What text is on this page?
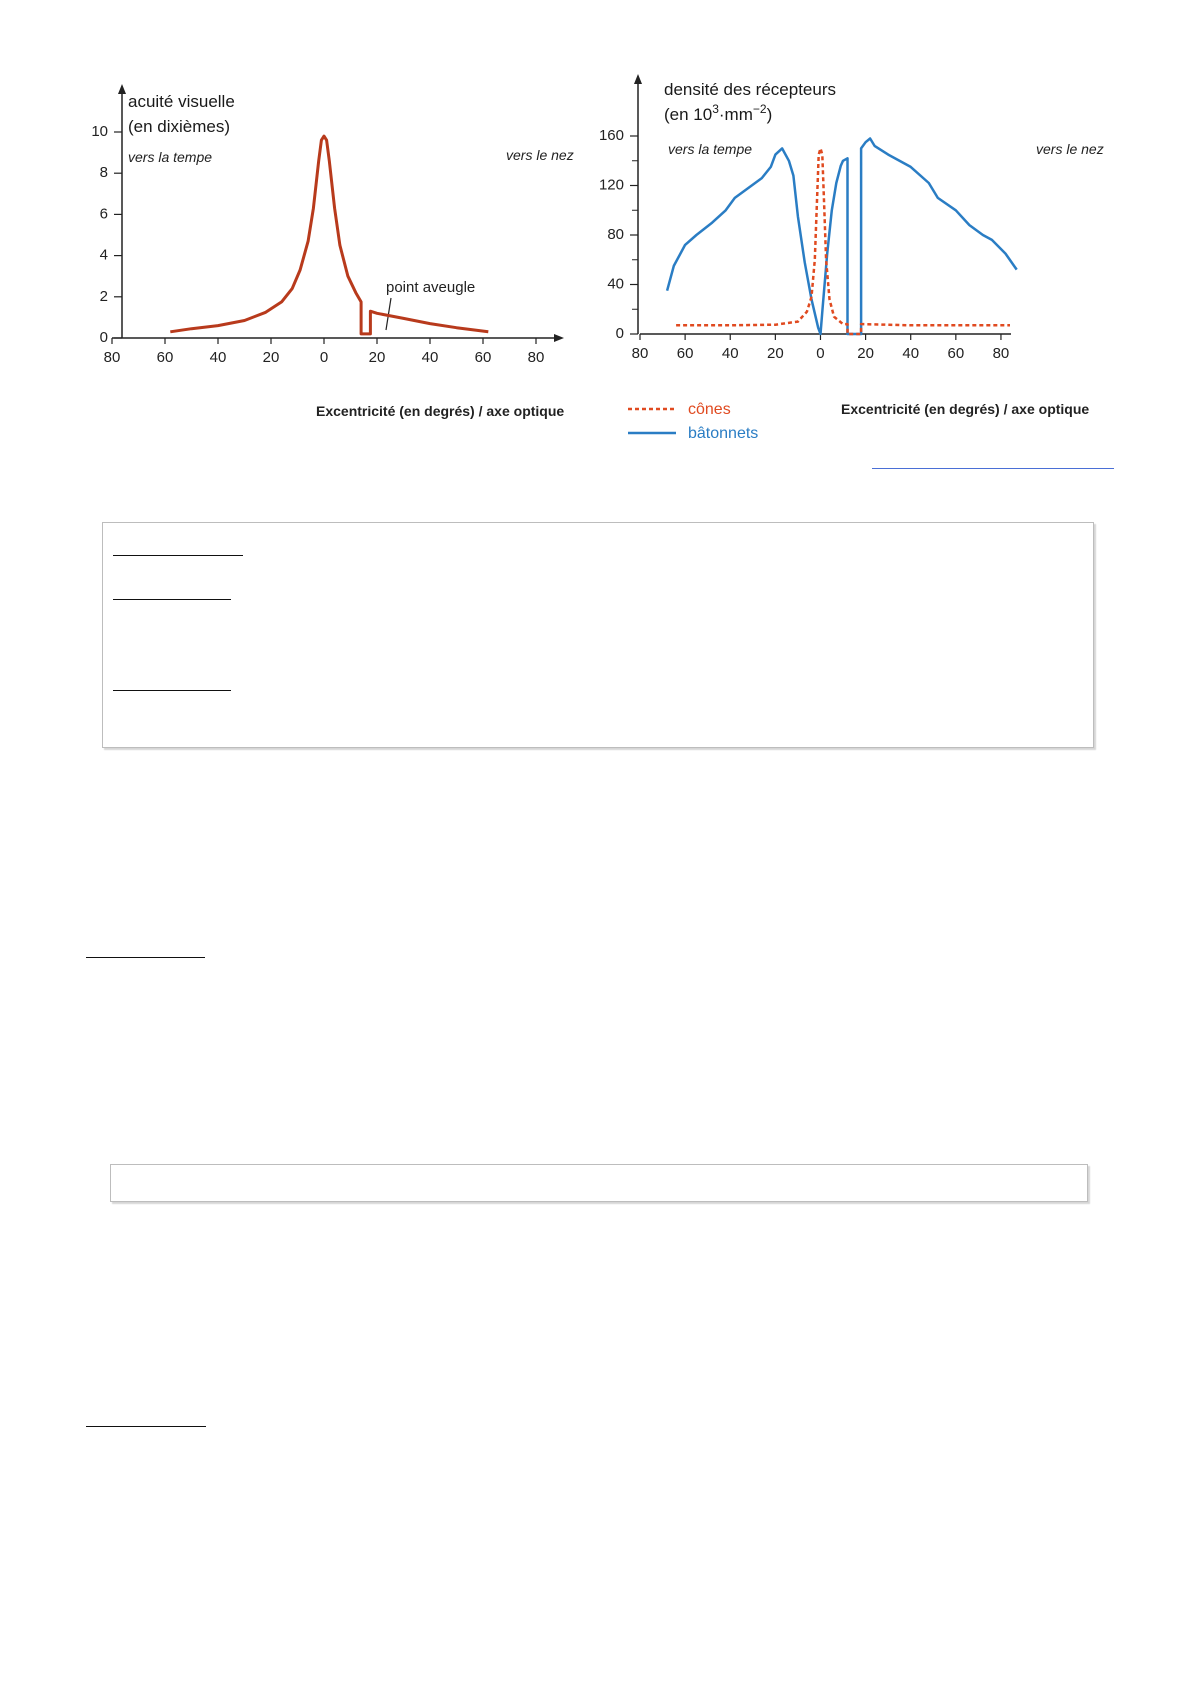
80 60 40 20	0	20 40 60 80
0
2
4
6
8
10
acuité visuelle
(en dixièmes)
vers la tempe	vers le nez
point aveugle
Excentricité (en degrés) / axe optique
80 60 40 20 0 20 40 60 80
0
40
80
120
160
densité des récepteurs
(en $10^3\cdot mm^{-2}$)
vers la tempe	vers le nez
cônes
bâtonnets
Excentricité (en degrés) / axe optique
